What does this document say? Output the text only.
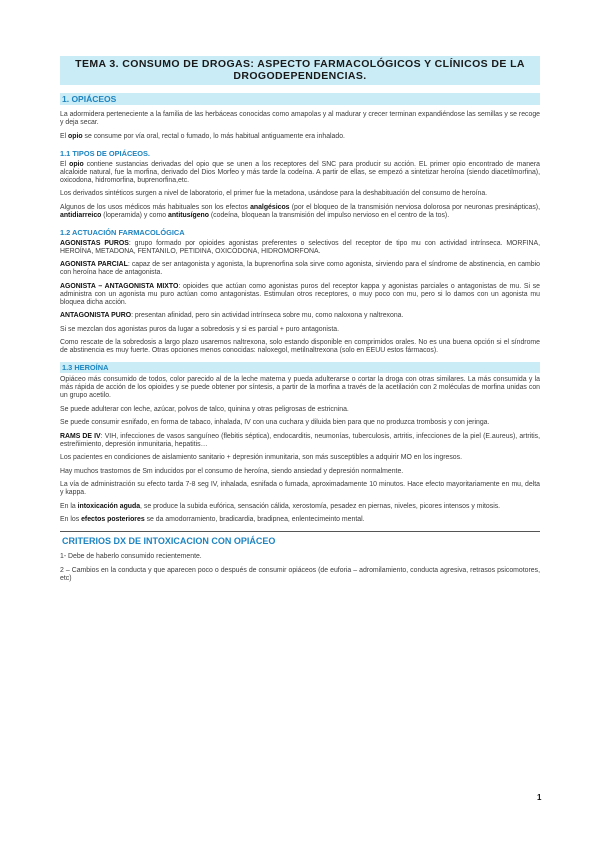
TEMA 3. CONSUMO DE DROGAS: ASPECTO FARMACOLÓGICOS Y CLÍNICOS DE LA DROGODEPENDENCIAS.
1. OPIÁCEOS

La adormidera perteneciente a la familia de las herbáceas conocidas como amapolas y al madurar y crecer terminan expandiéndose las semillas y se recoge y deja secar.

El opio se consume por vía oral, rectal o fumado, lo más habitual antiguamente era inhalado.

1.1 TIPOS DE OPIÁCEOS.

El opio contiene sustancias derivadas del opio que se unen a los receptores del SNC para producir su acción. EL primer opio encontrado de manera alcaloide natural, fue la morfina, derivado del Dios Morfeo y más tarde la codeína. A partir de ellas, se empezó a sintetizar heroína (siendo diacetilmorfina), oxicodona, hidromorfina, buprenorfina,etc.

Los derivados sintéticos surgen a nivel de laboratorio, el primer fue la metadona, usándose para la deshabituación del consumo de heroína.

Algunos de los usos médicos más habituales son los efectos analgésicos (por el bloqueo de la transmisión nerviosa dolorosa por neuronas presinápticas), antidiarreico (loperamida) y como antitusígeno (codeína, bloquean la transmisión del impulso nervioso en el centro de la tos).

1.2 ACTUACIÓN FARMACOLÓGICA

AGONISTAS PUROS: grupo formado por opioides agonistas preferentes o selectivos del receptor de tipo mu con actividad intrínseca. MORFINA, HEROÍNA, METADONA, FENTANILO, PETIDINA, OXICODONA, HIDROMORFONA.

AGONISTA PARCIAL: capaz de ser antagonista y agonista, la buprenorfina sola sirve como agonista, sirviendo para el síndrome de abstinencia, en cambio con heroína hace de antagonista.

AGONISTA – ANTAGONISTA MIXTO: opioides que actúan como agonistas puros del receptor kappa y agonistas parciales o antagonistas de mu. Si se administra con un agonista mu puro actúan como antagonistas. Estimulan otros receptores, o muy poco con mu, pero si lo damos con un agonista mu bloquea dicha acción.

ANTAGONISTA PURO: presentan afinidad, pero sin actividad intrínseca sobre mu, como naloxona y naltrexona.

Si se mezclan dos agonistas puros da lugar a sobredosis y si es parcial + puro antagonista.

Como rescate de la sobredosis a largo plazo usaremos naltrexona, solo estando disponible en comprimidos orales. No es una buena opción si el síndrome de abstinencia es muy fuerte. Otras opciones menos conocidas: naloxegol, metilnaltrexona (solo en EEUU estos fármacos).

1.3 HEROÍNA

Opiáceo más consumido de todos, color parecido al de la leche materna y pueda adulterarse o cortar la droga con otras similares. La más consumida y la más rápida de acción de los opioides y se puede obtener por síntesis, a partir de la morfina a través de la acetilación con 2 moléculas de morfina unidas con un grupo acetilo.

Se puede adulterar con leche, azúcar, polvos de talco, quinina y otras peligrosas de estricnina.

Se puede consumir esnifado, en forma de tabaco, inhalada, IV con una cuchara y diluida bien para que no produzca trombosis y con jeringa.

RAMS DE IV: VIH, infecciones de vasos sanguíneo (flebitis séptica), endocarditis, neumonías, tuberculosis, artritis, infecciones de la piel (E.aureus), artritis, estreñimiento, depresión inmunitaria, hepatitis…

Los pacientes en condiciones de aislamiento sanitario + depresión inmunitaria, son más susceptibles a adquirir MO en los ingresos.

Hay muchos trastornos de Sm inducidos por el consumo de heroína, siendo ansiedad y depresión normalmente.

La vía de administración su efecto tarda 7-8 seg IV, inhalada, esnifada o fumada, aproximadamente 10 minutos. Hace efecto mayoritariamente en mu, delta y kappa.

En la intoxicación aguda, se produce la subida eufórica, sensación cálida, xerostomía, pesadez en piernas, niveles, picores intensos y mitosis.

En los efectos posteriores se da amodorramiento, bradicardia, bradipnea, enlentecimeinto mental.

CRITERIOS DX DE INTOXICACION CON OPIÁCEO

1- Debe de haberlo consumido recientemente.

2 – Cambios en la conducta y que aparecen poco o después de consumir opiáceos (de euforia – adromilamiento, conducta agresiva, retrasos psicomotores, etc)

1
